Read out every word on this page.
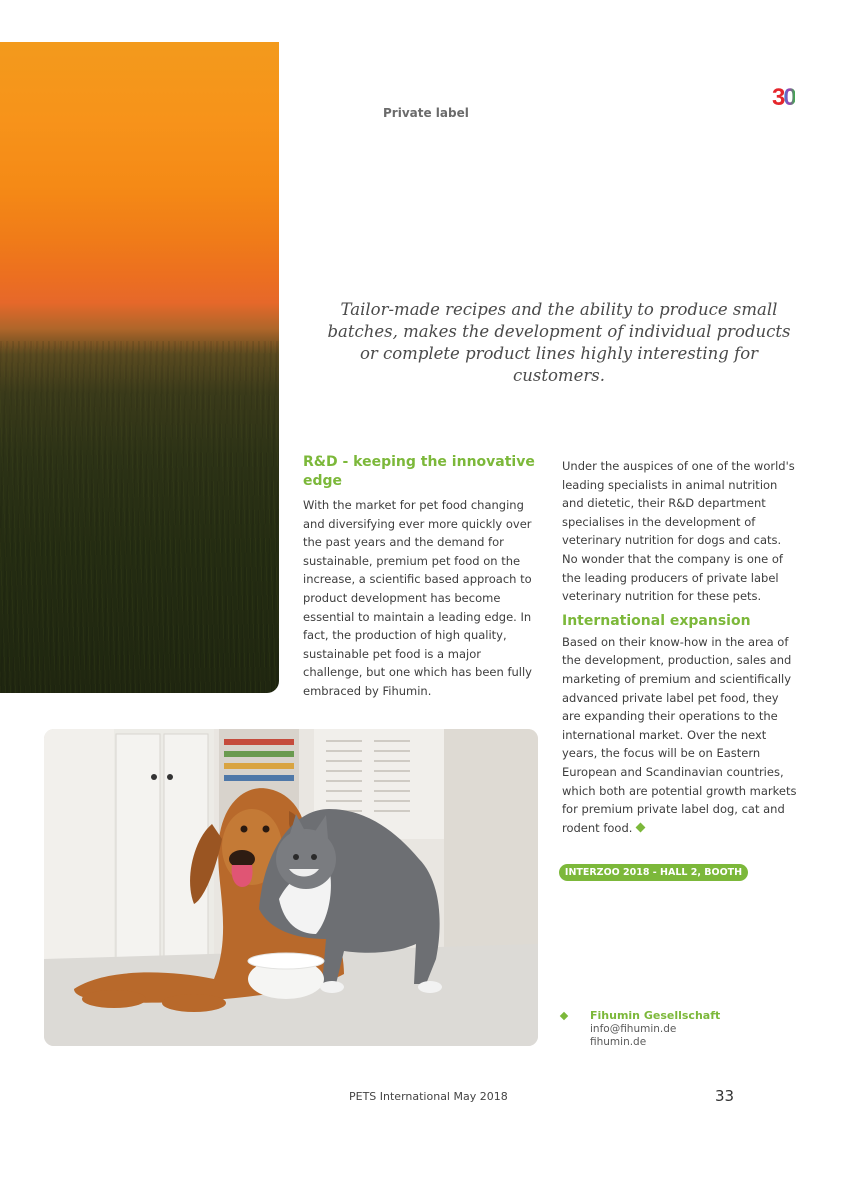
Private label
30
Tailor-made recipes and the ability to produce small batches, makes the development of individual products or complete product lines highly interesting for customers.
R&D - keeping the innovative edge

With the market for pet food changing and diversifying ever more quickly over the past years and the demand for sustainable, premium pet food on the increase, a scientific based approach to product development has become essential to maintain a leading edge. In fact, the production of high quality, sustainable pet food is a major challenge, but one which has been fully embraced by Fihumin.

Under the auspices of one of the world's leading specialists in animal nutrition and dietetic, their R&D department specialises in the development of veterinary nutrition for dogs and cats. No wonder that the company is one of the leading producers of private label veterinary nutrition for these pets.

International expansion

Based on their know-how in the area of the development, production, sales and marketing of premium and scientifically advanced private label pet food, they are expanding their operations to the international market. Over the next years, the focus will be on Eastern European and Scandinavian countries, which both are potential growth markets for premium private label dog, cat and rodent food.

INTERZOO 2018 - HALL 2, BOOTH 210
Fihumin Gesellschaft
info@fihumin.de
fihumin.de
PETS International May 2018	33
